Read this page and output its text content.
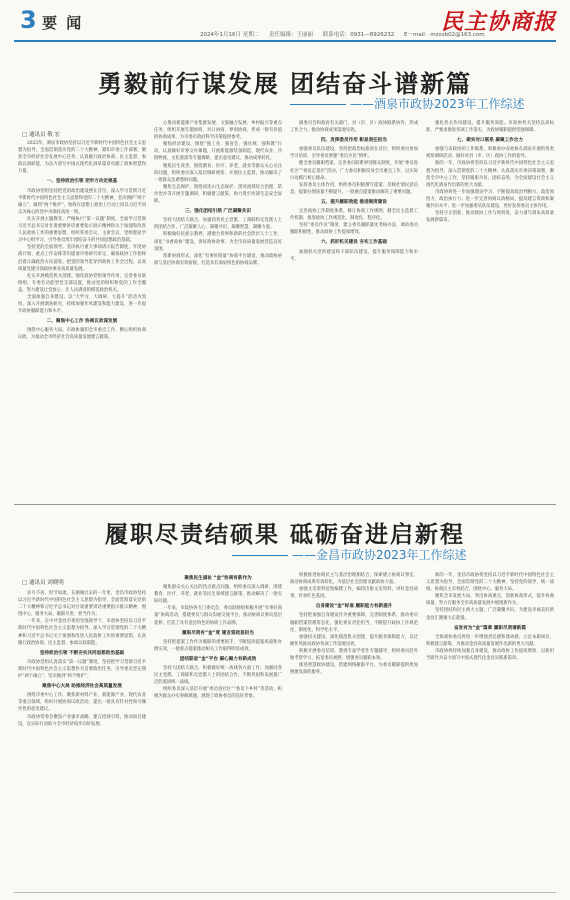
3 要 闻	民主协商报
2024年1月16日 星期二 责任编辑：王丽丽 联系电话：0931—8926232 E－mail：mzxsb02@163.com
勇毅前行谋发展 团结奋斗谱新篇
——酒泉市政协2023年工作综述
□ 通讯员 敬 宏

2023年，酒泉市政协坚持以习近平新时代中国特色社会主义思想为指导，全面贯彻落实党的二十大精神，紧扣市委工作部署，聚焦全市经济社会发展中心任务，认真履行政治协商、民主监督、参政议政职能，为奋力谱写中国式现代化酒泉篇章贡献了政协智慧和力量。

一、坚持政治引领 把牢方向定根基

市政协党组坚持把党的政治建设摆在首位，深入学习贯彻习近平新时代中国特色社会主义思想和党的二十大精神，坚决拥护“两个确立”、做到“两个维护”，始终在思想上政治上行动上同以习近平同志为核心的党中央保持高度一致。

扎实开展主题教育。严格执行“第一议题”制度，全面学习贯彻习近平总书记对甘肃重要讲话重要指示批示精神和关于加强和改进人民政协工作的重要思想，组织常委会议、主席会议、党组理论学习中心组学习，引导委员筑牢团结奋斗的共同思想政治基础。

坚持党的全面领导。坚决执行重大事项请示报告制度，年度协商计划、重点工作安排等均提请市委研究审定，确保政协工作始终沿着正确政治方向前进。把党的领导贯穿到政协工作全过程，以高质量党建引领政协事业高质量发展。

扎实开展模范机关创建。强化政协党组领导作用，完善委员联络组、专委会功能型党支部设置，推动党的组织和党的工作全覆盖，努力建设让党放心、让人民满意的模范政治机关。

全面加强自身建设。以“大学习、大调研、大提升”活动为契机，深入开展调查研究，持续加强作风建设和能力建设，进一步提升政协履职能力和水平。

二、聚焦中心工作 协商议政谋发展

围绕中心服务大局，市政协紧扣全市重点工作，精心组织协商议政，为推动全市经济社会高质量发展建言献策。

心推动新能源产业集群发展、文旅融合发展、乡村振兴等重点任务，组织开展专题协商、对口协商、界别协商，形成一批有价值的协商成果，为市委市政府科学决策提供参考。

聚焦经济建设，围绕“强工业、强省会、强县域、强科教”行动，认真做好市委交办课题，开展新能源装备制造、现代农业、冷链物流、文化旅游等专题调研，提出意见建议，推动成果转化。

聚焦民生改善，围绕教育、医疗、养老、就业等群众关心关注的问题，组织委员深入基层调研视察，开展民主监督，推动解决了一批群众急难愁盼问题。

聚焦生态保护，围绕祁连山生态保护、黑河流域综合治理、防沙治沙等开展专题调研，积极建言献策，助力筑牢西部生态安全屏障。

三、强化团结引领 广泛凝聚共识

坚持大团结大联合，加强同各民主党派、工商联和无党派人士的团结合作，广泛凝聚人心、凝聚共识、凝聚智慧、凝聚力量。

积极做好民族宗教界、港澳台侨界和新的社会阶层人士工作，深化“书香政协”建设，讲好政协故事，为全市高质量发展营造良好氛围。

创新协商形式，深化“有事好商量”协商平台建设，推动政协协商与基层协商有效衔接，打造具有酒泉特色的协商品牌。

副委员会和政府有关部门、县（市、区）政协联系协作，形成工作合力，推动协商成果落地见效。

四、发挥委员作用 彰显责任担当

加强委员队伍建设，坚持把政治标准放在首位，组织委员参加学习培训，引导委员增强“委员为民”情怀。

健全委员履职档案，完善委员联系界别群众制度，开展“委员进社区”“委员走基层”活动，广大委员积极投身全市重点工作，以实际行动践行初心使命。

发挥委员主体作用，组织委员积极撰写提案、反映社情民意信息，提案办理质量不断提升，一批重点提案推动解决了重要问题。

五、提升履职效能 推进制度建设

完善政协工作制度体系，修订协商工作规则，健全民主监督工作机制，推进政协工作规范化、制度化、程序化。

坚持“委员作业”制度，建立委员履职量化考核办法，调动委员履职积极性，推动政协工作提质增效。

六、抓好机关建设 夯实工作基础

加强机关党的建设和干部队伍建设，提升服务保障能力和水平。

强化机关作风建设，提升服务效能。市政协机关坚持以高标准、严要求推进各项工作落实，为政协履职提供坚强保障。

七、做实对口联系 凝聚工作合力

加强与省政协的工作联系，积极承办省政协在酒泉开展的各类视察调研活动，做好对县（市、区）政协工作的指导。

新的一年，市政协将坚持以习近平新时代中国特色社会主义思想为指导，深入贯彻党的二十大精神，认真落实市委决策部署，聚焦全市中心工作，坚持履职为民，团结奋进，为全面建设社会主义现代化酒泉作出新的更大贡献。

市政协将进一步加强理论学习，不断提高政治判断力、政治领悟力、政治执行力；进一步完善协商议政格局，提高建言资政和凝聚共识水平；进一步加强委员队伍建设，更好发挥委员主体作用。

坚持守正创新，推动政协工作与时俱进，奋力谱写酒泉高质量发展新篇章。

履职尽责结硕果 砥砺奋进启新程
——金昌市政协2023年工作综述
□ 通讯员 刘晓明

岁月不居，时节如流。在刚刚过去的一年里，金昌市政协坚持以习近平新时代中国特色社会主义思想为指导，全面贯彻落实党的二十大精神和习近平总书记对甘肃重要讲话重要指示批示精神，围绕中心、服务大局，履职尽责、担当作为。

一年来，在中共金昌市委的坚强领导下，市政协坚持以习近平新时代中国特色社会主义思想为指导，深入学习贯彻党的二十大精神和习近平总书记关于加强和改进人民政协工作的重要思想，认真履行政治协商、民主监督、参政议政职能。

坚持政治引领 不断夯实共同思想政治基础

市政协党组认真落实“第一议题”制度，坚持把学习贯彻习近平新时代中国特色社会主义思想作为首要政治任务，引导委员坚定拥护“两个确立”、坚决做到“两个维护”。

聚焦中心大局 助推经济社会高质量发展

围绕市委中心工作，聚焦新材料产业、新能源产业、现代农业等重点领域，组织开展协商议政活动，提出一批具有针对性和可操作性的意见建议。

市政协常委会聚焦产业强市战略，建言招商引资，推动项目建设，以实际行动助力全市经济稳步向好发展。

聚焦民生福祉 “金”协商有新作为

聚焦群众关心关注的热点难点问题，组织委员深入调研，围绕教育、医疗、养老、就业等民生领域建言献策，推动解决了一批实际问题。

一年来，市政协各专门委员会、委员联络组积极开展“有事好商量”协商活动，搭建委员与群众沟通交流平台，推动协商议事向基层延伸，打造了具有金昌特色的协商工作品牌。

履职尽责有“金”度 建言资政显担当

坚持把提案工作作为履职的重要抓手，不断提高提案质量和办理实效，一批重点提案推动相关工作取得明显成效。

团结联谊“金”平台 凝心聚力有新成效

坚持大团结大联合，积极做好统一战线各方面工作，加强同各民主党派、工商联和无党派人士的团结合作，不断巩固和发展最广泛的爱国统一战线。

组织委员深入基层开展“委员进社区”“委员下乡村”等活动，积极为群众办实事解难题，展现了政协委员的良好形象。

积极推进协商民主与基层治理相结合，探索建立协商议事室，推动协商成果有效转化，为基层社会治理贡献政协力量。

加强文史资料征集编撰工作，编印出版文史资料，讲好金昌故事，传承红色基因。

自身建设“金”标准 履职能力有新提升

坚持把加强自身建设作为重要保障，完善制度体系，推动委员履职档案管理常态化，强化委员责任担当，不断提升政协工作规范化、制度化、科学化水平。

加强机关建设，深化模范机关创建，提升服务保障能力，以过硬作风推动政协各项工作落地见效。

积极开展委员培训，邀请专家学者作专题辅导，组织委员赴外地考察学习，拓宽委员视野，增强委员履职本领。

推进智慧政协建设，搭建网络履职平台，为委员履职提供更加便捷高效的服务。

新的一年，金昌市政协将坚持以习近平新时代中国特色社会主义思想为指导，全面贯彻党的二十大精神，坚持党的领导、统一战线、协商民主有机结合，围绕中心、服务大局。

聚焦全市发展大局，突出协商重点，创新协商形式，提升协商质量，努力在服务全市高质量发展中展现新作为。

坚持团结和民主两大主题，广泛凝聚共识，为建设幸福美好新金昌汇聚强大正能量。

奋发有为“金”篇章 履职尽责谱新篇

全体政协委员将进一步增强责任感和使命感，立足本职岗位，积极建言献策，为推动金昌高质量发展作出新的更大贡献。

市政协将持续加强自身建设，推动政协工作提质增效，以新担当新作为奋力谱写中国式现代化金昌实践新篇章。
